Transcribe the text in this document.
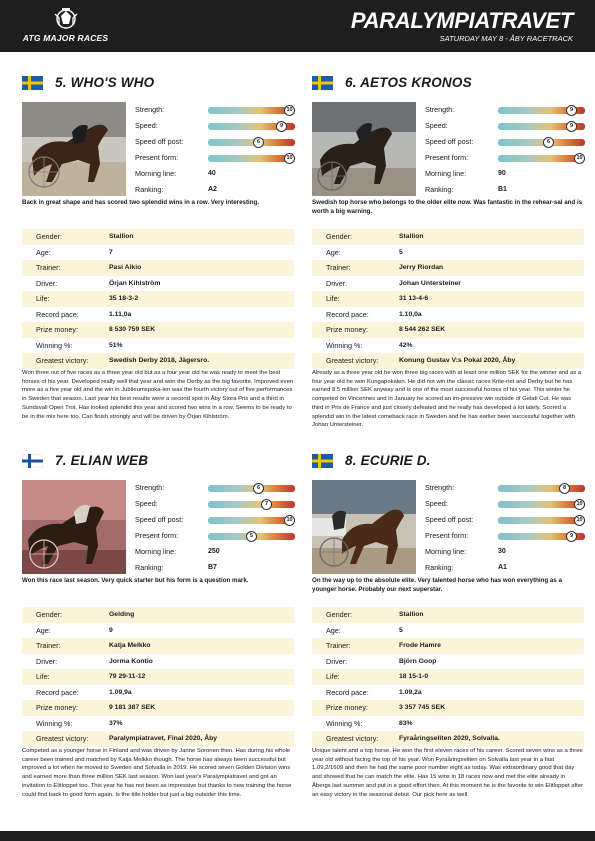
ATG MAJOR RACES
PARALYMPIATRAVET
SATURDAY MAY 8 - ÅBY RACETRACK
5. WHO'S WHO
Strength:	10
Speed:	9
Speed off post:	6
Present form:	10
Morning line:	40
Ranking:	A2
Back in great shape and has scored two splendid wins in a row. Very interesting.
Gender:	Stallion
Age:	7
Trainer:	Pasi Aikio
Driver:	Örjan Kihlström
Life:	35 18-3-2
Record pace:	1.11,0a
Prize money:	8 530 759 SEK
Winning %:	51%
Greatest victory:	Swedish Derby 2018, Jägersro.
Won three out of five races as a three year old but as a four year old he was ready to meet the best horses of his year. Developed really well that year and won the Derby as the big favorite. Improved even more as a five year old and the win in Jubileumspoka-len was the fourth victory out of five performances in Sweden that season. Last year his best results were a second spot in Åby Stora Pris and a third in Sundsvall Open Trot. Has looked splendid this year and scored two wins in a row. Seems to be ready to be in the mix here too. Can finish strongly and will be driven by Örjan Kihlström.
6. AETOS KRONOS
Strength:	9
Speed:	9
Speed off post:	6
Present form:	10
Morning line:	90
Ranking:	B1
Swedish top horse who belongs to the older elite now. Was fantastic in the rehear-sal and is worth a big warning.
Gender:	Stallion
Age:	5
Trainer:	Jerry Riordan
Driver:	Johan Untersteiner
Life:	31 13-4-6
Record pace:	1.10,0a
Prize money:	8 544 262 SEK
Winning %:	42%
Greatest victory:	Konung Gustav V:s Pokal 2020, Åby
Already as a three year old he won three big races with at least one million SEK for the winner and as a four year old he won Kungapokalen. He did not win the classic races Krite-riet and Derby but he has earned 8.5 million SEK anyway and is one of the most successful horses of his year. This winter he competed on Vincennes and in January he scored an im-pressive win outside of Gelati Cut. He was third in Prix de France and just closely defeated and he really has developed a lot lately. Scored a splendid win in the latest comeback race in Sweden and he has earlier been successful together with Johan Untersteiner.
7. ELIAN WEB
Strength:	6
Speed:	7
Speed off post:	10
Present form:	5
Morning line:	250
Ranking:	B7
Won this race last season. Very quick starter but his form is a question mark.
Gender:	Gelding
Age:	9
Trainer:	Katja Melkko
Driver:	Jorma Kontio
Life:	79 29-11-12
Record pace:	1.09,9a
Prize money:	9 181 387 SEK
Winning %:	37%
Greatest victory:	Paralympiatravet, Final 2020, Åby
Competed as a younger horse in Finland and was driven by Janne Soronen then. Has during his whole career been trained and matched by Katja Melkko though. The horse has always been successful but improved a lot when he moved to Sweden and Solvalla in 2019. He scored seven Golden Division wins and earned more than three million SEK last season. Won last year's Paralympiatravet and got an invitation to Elitloppet too. This year he has not been as impressive but thanks to new training the horse could find back to good form again. Is the title holder but just a big outsider this time.
8. ECURIE D.
Strength:	8
Speed:	10
Speed off post:	10
Present form:	9
Morning line:	30
Ranking:	A1
On the way up to the absolute elite. Very talented horse who has won everything as a younger horse. Probably our next superstar.
Gender:	Stallion
Age:	5
Trainer:	Frode Hamre
Driver:	Björn Goop
Life:	18 15-1-0
Record pace:	1.09,2a
Prize money:	3 357 745 SEK
Winning %:	83%
Greatest victory:	Fyraåringseliten 2020, Solvalla.
Unique talent and a top horse. He won the first eleven races of his career. Scored seven wins as a three year old without facing the top of his year. Won Fyraåringseliten on Solvalla last year in a fast 1.09,2/1609 and then he had the same poor number eight as today. Was extraordinary good that day and showed that he can match the elite. Has 15 wins in 18 races now and met the elite already in Åbergs last summer and put in a good effort then. At this moment he is the favorite to win Elitloppet after an easy victory in the seasonal debut. Our pick here as well.
